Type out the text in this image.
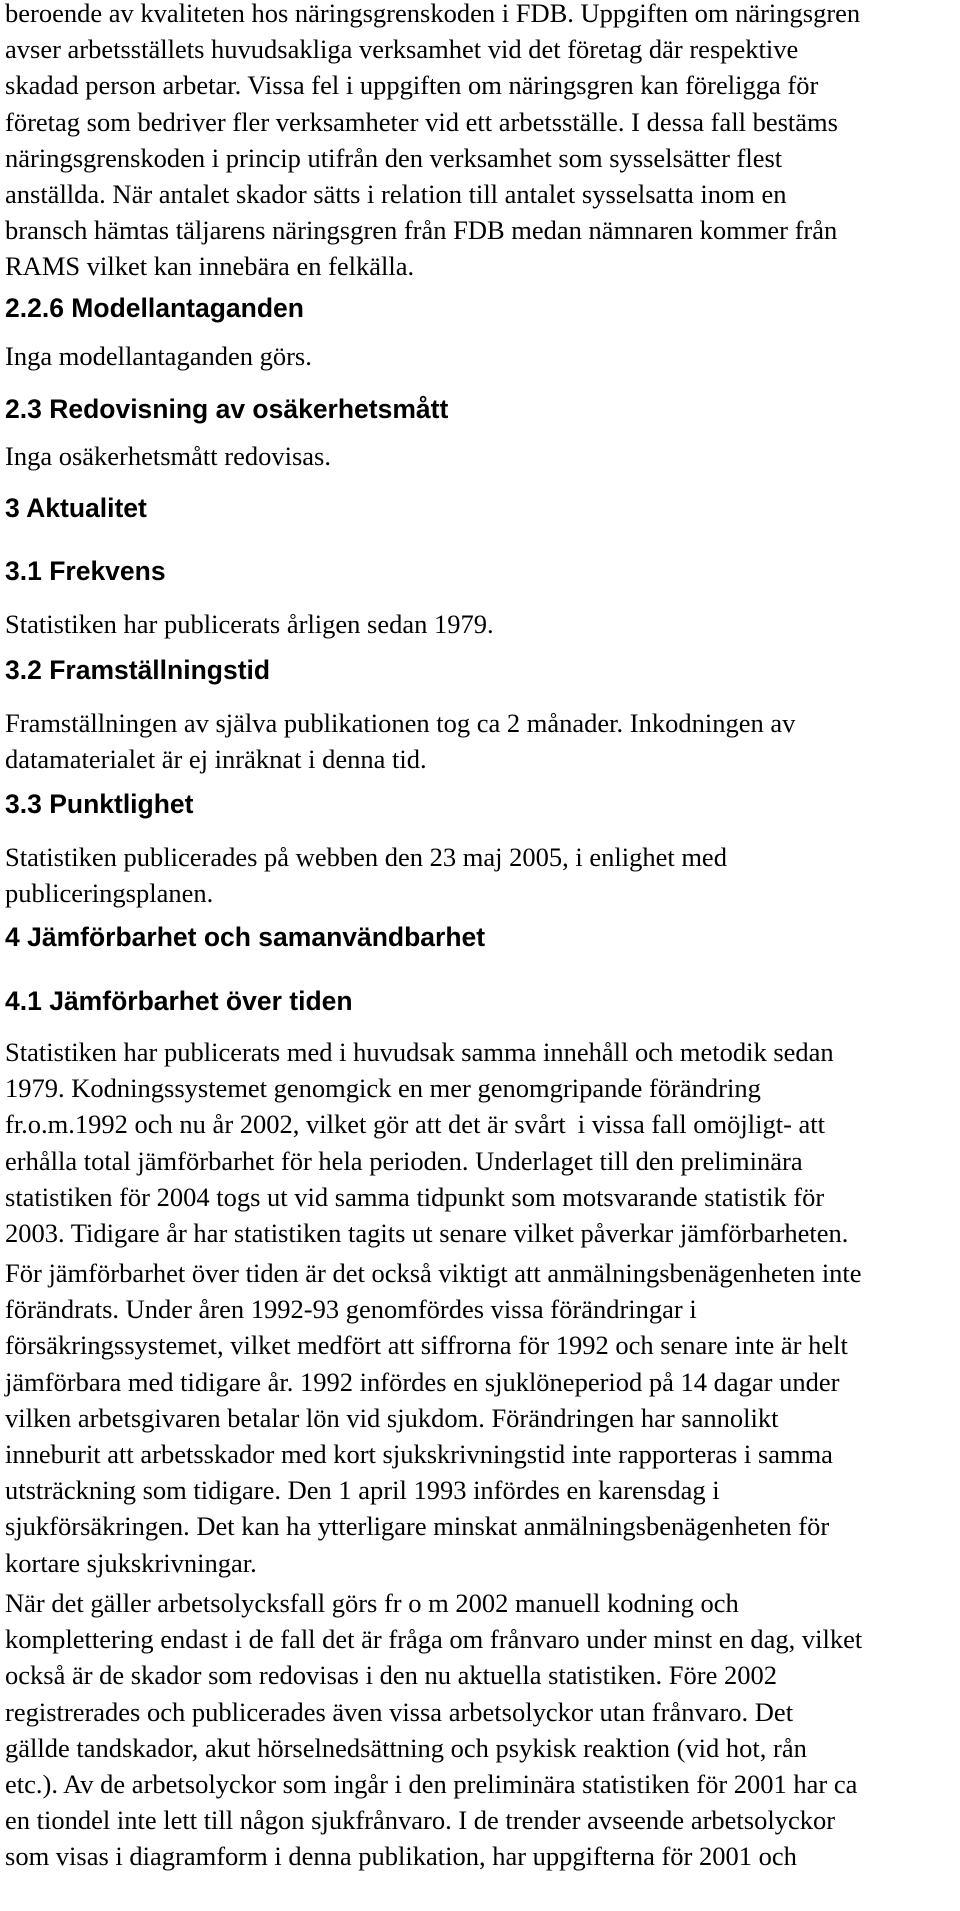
beroende av kvaliteten hos näringsgrenskoden i FDB. Uppgiften om näringsgren
avser arbetsställets huvudsakliga verksamhet vid det företag där respektive
skadad person arbetar. Vissa fel i uppgiften om näringsgren kan föreligga för
företag som bedriver fler verksamheter vid ett arbetsställe. I dessa fall bestäms
näringsgrenskoden i princip utifrån den verksamhet som sysselsätter flest
anställda. När antalet skador sätts i relation till antalet sysselsatta inom en
bransch hämtas täljarens näringsgren från FDB medan nämnaren kommer från
RAMS vilket kan innebära en felkälla.

2.2.6 Modellantaganden

Inga modellantaganden görs.

2.3 Redovisning av osäkerhetsmått

Inga osäkerhetsmått redovisas.

3 Aktualitet
3.1 Frekvens

Statistiken har publicerats årligen sedan 1979.

3.2 Framställningstid

Framställningen av själva publikationen tog ca 2 månader. Inkodningen av
datamaterialet är ej inräknat i denna tid.

3.3 Punktlighet

Statistiken publicerades på webben den 23 maj 2005, i enlighet med
publiceringsplanen.

4 Jämförbarhet och samanvändbarhet
4.1 Jämförbarhet över tiden

Statistiken har publicerats med i huvudsak samma innehåll och metodik sedan
1979. Kodningssystemet genomgick en mer genomgripande förändring
fr.o.m.1992 och nu år 2002, vilket gör att det är svårt  i vissa fall omöjligt- att
erhålla total jämförbarhet för hela perioden. Underlaget till den preliminära
statistiken för 2004 togs ut vid samma tidpunkt som motsvarande statistik för
2003. Tidigare år har statistiken tagits ut senare vilket påverkar jämförbarheten.

För jämförbarhet över tiden är det också viktigt att anmälningsbenägenheten inte
förändrats. Under åren 1992-93 genomfördes vissa förändringar i
försäkringssystemet, vilket medfört att siffrorna för 1992 och senare inte är helt
jämförbara med tidigare år. 1992 infördes en sjuklöneperiod på 14 dagar under
vilken arbetsgivaren betalar lön vid sjukdom. Förändringen har sannolikt
inneburit att arbetsskador med kort sjukskrivningstid inte rapporteras i samma
utsträckning som tidigare. Den 1 april 1993 infördes en karensdag i
sjukförsäkringen. Det kan ha ytterligare minskat anmälningsbenägenheten för
kortare sjukskrivningar.

När det gäller arbetsolycksfall görs fr o m 2002 manuell kodning och
komplettering endast i de fall det är fråga om frånvaro under minst en dag, vilket
också är de skador som redovisas i den nu aktuella statistiken. Före 2002
registrerades och publicerades även vissa arbetsolyckor utan frånvaro. Det
gällde tandskador, akut hörselnedsättning och psykisk reaktion (vid hot, rån
etc.). Av de arbetsolyckor som ingår i den preliminära statistiken för 2001 har ca
en tiondel inte lett till någon sjukfrånvaro. I de trender avseende arbetsolyckor
som visas i diagramform i denna publikation, har uppgifterna för 2001 och
